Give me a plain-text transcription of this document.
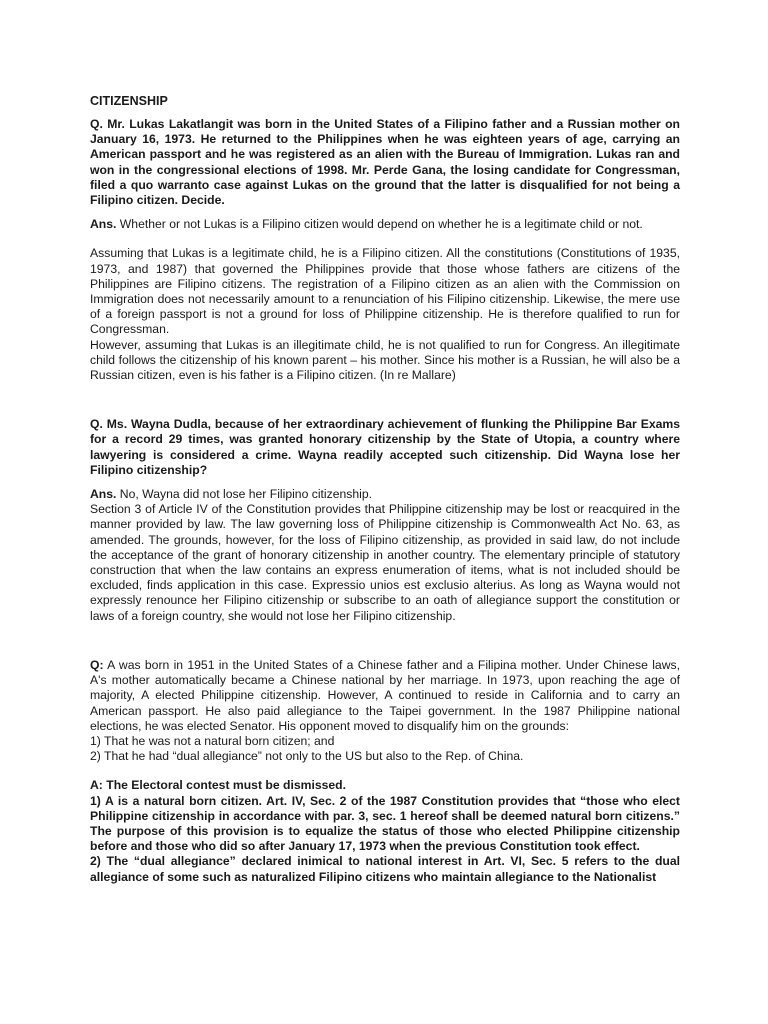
CITIZENSHIP

Q. Mr. Lukas Lakatlangit was born in the United States of a Filipino father and a Russian mother on January 16, 1973. He returned to the Philippines when he was eighteen years of age, carrying an American passport and he was registered as an alien with the Bureau of Immigration. Lukas ran and won in the congressional elections of 1998. Mr. Perde Gana, the losing candidate for Congressman, filed a quo warranto case against Lukas on the ground that the latter is disqualified for not being a Filipino citizen. Decide.

Ans. Whether or not Lukas is a Filipino citizen would depend on whether he is a legitimate child or not.

Assuming that Lukas is a legitimate child, he is a Filipino citizen. All the constitutions (Constitutions of 1935, 1973, and 1987) that governed the Philippines provide that those whose fathers are citizens of the Philippines are Filipino citizens. The registration of a Filipino citizen as an alien with the Commission on Immigration does not necessarily amount to a renunciation of his Filipino citizenship. Likewise, the mere use of a foreign passport is not a ground for loss of Philippine citizenship. He is therefore qualified to run for Congressman.

However, assuming that Lukas is an illegitimate child, he is not qualified to run for Congress. An illegitimate child follows the citizenship of his known parent – his mother. Since his mother is a Russian, he will also be a Russian citizen, even is his father is a Filipino citizen. (In re Mallare)

Q. Ms. Wayna Dudla, because of her extraordinary achievement of flunking the Philippine Bar Exams for a record 29 times, was granted honorary citizenship by the State of Utopia, a country where lawyering is considered a crime. Wayna readily accepted such citizenship. Did Wayna lose her Filipino citizenship?

Ans. No, Wayna did not lose her Filipino citizenship.

Section 3 of Article IV of the Constitution provides that Philippine citizenship may be lost or reacquired in the manner provided by law. The law governing loss of Philippine citizenship is Commonwealth Act No. 63, as amended. The grounds, however, for the loss of Filipino citizenship, as provided in said law, do not include the acceptance of the grant of honorary citizenship in another country. The elementary principle of statutory construction that when the law contains an express enumeration of items, what is not included should be excluded, finds application in this case. Expressio unios est exclusio alterius. As long as Wayna would not expressly renounce her Filipino citizenship or subscribe to an oath of allegiance support the constitution or laws of a foreign country, she would not lose her Filipino citizenship.

Q: A was born in 1951 in the United States of a Chinese father and a Filipina mother. Under Chinese laws, A's mother automatically became a Chinese national by her marriage. In 1973, upon reaching the age of majority, A elected Philippine citizenship. However, A continued to reside in California and to carry an American passport. He also paid allegiance to the Taipei government. In the 1987 Philippine national elections, he was elected Senator. His opponent moved to disqualify him on the grounds:

1) That he was not a natural born citizen; and

2) That he had “dual allegiance” not only to the US but also to the Rep. of China.

A: The Electoral contest must be dismissed.

1) A is a natural born citizen. Art. IV, Sec. 2 of the 1987 Constitution provides that “those who elect Philippine citizenship in accordance with par. 3, sec. 1 hereof shall be deemed natural born citizens.” The purpose of this provision is to equalize the status of those who elected Philippine citizenship before and those who did so after January 17, 1973 when the previous Constitution took effect.

2) The “dual allegiance” declared inimical to national interest in Art. VI, Sec. 5 refers to the dual allegiance of some such as naturalized Filipino citizens who maintain allegiance to the Nationalist
